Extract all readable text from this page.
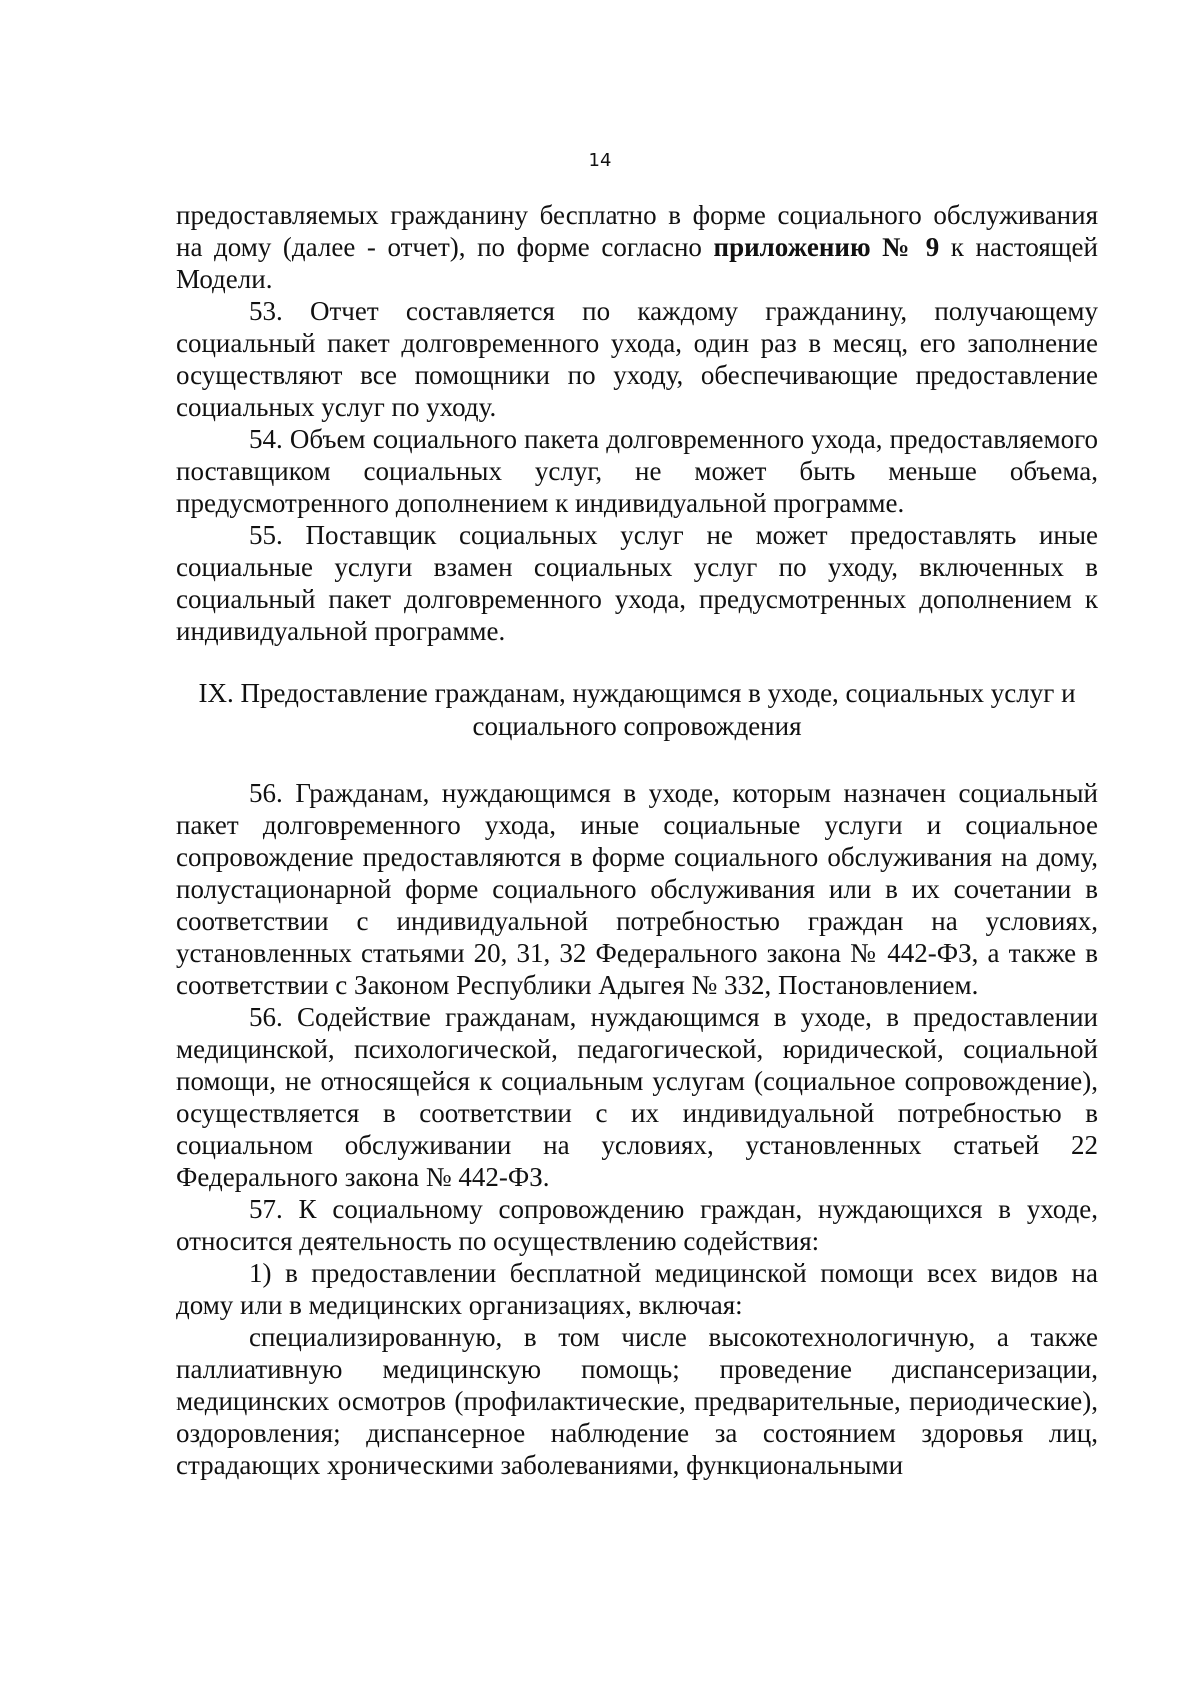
14

предоставляемых гражданину бесплатно в форме социального обслуживания на дому (далее - отчет), по форме согласно приложению № 9 к настоящей Модели.

53. Отчет составляется по каждому гражданину, получающему социальный пакет долговременного ухода, один раз в месяц, его заполнение осуществляют все помощники по уходу, обеспечивающие предоставление социальных услуг по уходу.

54. Объем социального пакета долговременного ухода, предоставляемого поставщиком социальных услуг, не может быть меньше объема, предусмотренного дополнением к индивидуальной программе.

55. Поставщик социальных услуг не может предоставлять иные социальные услуги взамен социальных услуг по уходу, включенных в социальный пакет долговременного ухода, предусмотренных дополнением к индивидуальной программе.

IX. Предоставление гражданам, нуждающимся в уходе, социальных услуг и
социального сопровождения

56. Гражданам, нуждающимся в уходе, которым назначен социальный пакет долговременного ухода, иные социальные услуги и социальное сопровождение предоставляются в форме социального обслуживания на дому, полустационарной форме социального обслуживания или в их сочетании в соответствии с индивидуальной потребностью граждан на условиях, установленных статьями 20, 31, 32 Федерального закона № 442-ФЗ, а также в соответствии с Законом Республики Адыгея № 332, Постановлением.

56. Содействие гражданам, нуждающимся в уходе, в предоставлении медицинской, психологической, педагогической, юридической, социальной помощи, не относящейся к социальным услугам (социальное сопровождение), осуществляется в соответствии с их индивидуальной потребностью в социальном обслуживании на условиях, установленных статьей 22 Федерального закона № 442-ФЗ.

57. К социальному сопровождению граждан, нуждающихся в уходе, относится деятельность по осуществлению содействия:

1) в предоставлении бесплатной медицинской помощи всех видов на дому или в медицинских организациях, включая:

специализированную, в том числе высокотехнологичную, а также паллиативную медицинскую помощь; проведение диспансеризации, медицинских осмотров (профилактические, предварительные, периодические), оздоровления; диспансерное наблюдение за состоянием здоровья лиц, страдающих хроническими заболеваниями, функциональными
